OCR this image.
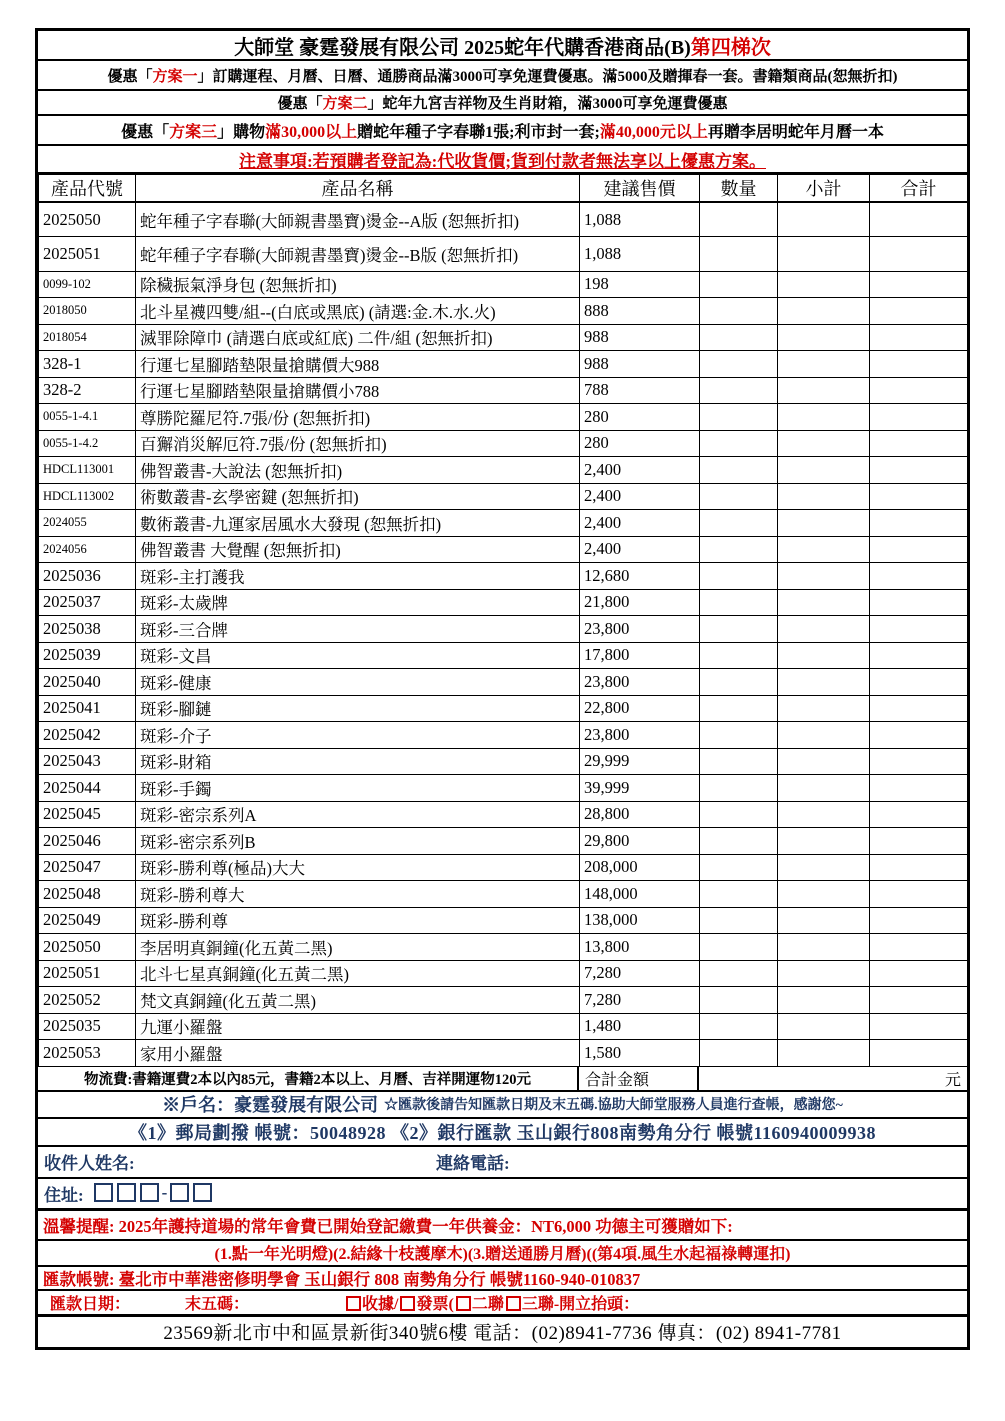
大師堂 豪霆發展有限公司 2025蛇年代購香港商品(B) 第四梯次
優惠「 方案一 」訂購運程、月曆、日曆、通勝商品滿3000可享免運費優惠。滿5000及贈揮春一套。書籍類商品(恕無折扣)
優惠「 方案二 」蛇年九宮吉祥物及生肖財箱，滿3000可享免運費優惠
優惠「 方案三 」購物 滿30,000以上 贈蛇年種子字春聯1張;利市封一套; 滿40,000元以上 再贈李居明蛇年月曆一本
注意事項:若預購者登記為:代收貨價;貨到付款者無法享以上優惠方案。
產品代號	產品名稱	建議售價	數量	小計	合計
2025050	蛇年種子字春聯(大師親書墨寶)燙金--A版 (恕無折扣)	1,088			
2025051	蛇年種子字春聯(大師親書墨寶)燙金--B版 (恕無折扣)	1,088			
0099-102	除穢振氣淨身包 (恕無折扣)	198			
2018050	北斗星襪四雙/組--(白底或黑底) (請選:金.木.水.火)	888			
2018054	滅罪除障巾 (請選白底或紅底) 二件/組 (恕無折扣)	988			
328-1	行運七星腳踏墊限量搶購價大988	988			
328-2	行運七星腳踏墊限量搶購價小788	788			
0055-1-4.1	尊勝陀羅尼符.7張/份 (恕無折扣)	280			
0055-1-4.2	百獬消災解厄符.7張/份 (恕無折扣)	280			
HDCL113001	佛智叢書-大說法 (恕無折扣)	2,400			
HDCL113002	術數叢書-玄學密鍵 (恕無折扣)	2,400			
2024055	數術叢書-九運家居風水大發現 (恕無折扣)	2,400			
2024056	佛智叢書 大覺醒 (恕無折扣)	2,400			
2025036	斑彩-主打護我	12,680			
2025037	斑彩-太歲牌	21,800			
2025038	斑彩-三合牌	23,800			
2025039	斑彩-文昌	17,800			
2025040	斑彩-健康	23,800			
2025041	斑彩-腳鏈	22,800			
2025042	斑彩-介子	23,800			
2025043	斑彩-財箱	29,999			
2025044	斑彩-手鐲	39,999			
2025045	斑彩-密宗系列A	28,800			
2025046	斑彩-密宗系列B	29,800			
2025047	斑彩-勝利尊(極品)大大	208,000			
2025048	斑彩-勝利尊大	148,000			
2025049	斑彩-勝利尊	138,000			
2025050	李居明真銅鐘(化五黃二黑)	13,800			
2025051	北斗七星真銅鐘(化五黃二黑)	7,280			
2025052	梵文真銅鐘(化五黃二黑)	7,280			
2025035	九運小羅盤	1,480			
2025053	家用小羅盤	1,580			
物流費:書籍運費2本以內85元，書籍2本以上、月曆、吉祥開運物120元	合計金額	元
※戶名：豪霆發展有限公司 ☆匯款後請告知匯款日期及末五碼.協助大師堂服務人員進行查帳，感謝您~
《1》郵局劃撥 帳號：50048928 《2》銀行匯款 玉山銀行808南勢角分行 帳號1160940009938
收件人姓名:	連絡電話:
住址:	-
溫馨提醒: 2025年護持道場的常年會費已開始登記繳費一年供養金：NT6,000 功德主可獲贈如下:
(1.點一年光明燈)(2.結緣十枝護摩木)(3.贈送通勝月曆)((第4項.風生水起福祿轉運扣)
匯款帳號: 臺北市中華港密修明學會 玉山銀行 808 南勢角分行 帳號1160-940-010837
匯款日期：	末五碼：	收據/ 發票( 二聯 三聯-開立抬頭：
23569新北市中和區景新街340號6樓 電話：(02)8941-7736 傳真：(02) 8941-7781
